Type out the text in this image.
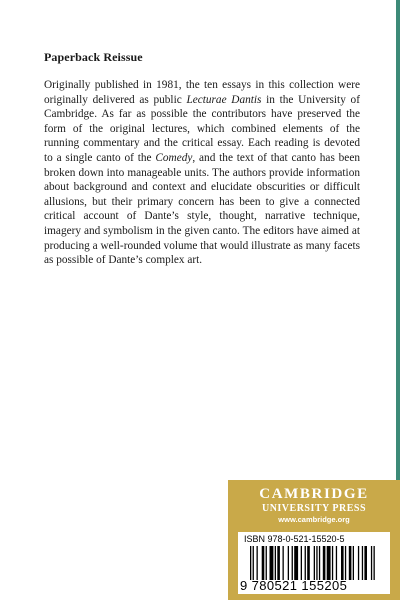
Paperback Reissue
Originally published in 1981, the ten essays in this collection were originally delivered as public Lecturae Dantis in the University of Cambridge. As far as possible the contributors have preserved the form of the original lectures, which combined elements of the running commentary and the critical essay. Each reading is devoted to a single canto of the Comedy, and the text of that canto has been broken down into manageable units. The authors provide information about background and context and elucidate obscurities or difficult allusions, but their primary concern has been to give a connected critical account of Dante’s style, thought, narrative technique, imagery and symbolism in the given canto. The editors have aimed at producing a well-rounded volume that would illustrate as many facets as possible of Dante’s complex art.
CAMBRIDGE
UNIVERSITY PRESS
www.cambridge.org
ISBN 978-0-521-15520-5
9 780521 155205
